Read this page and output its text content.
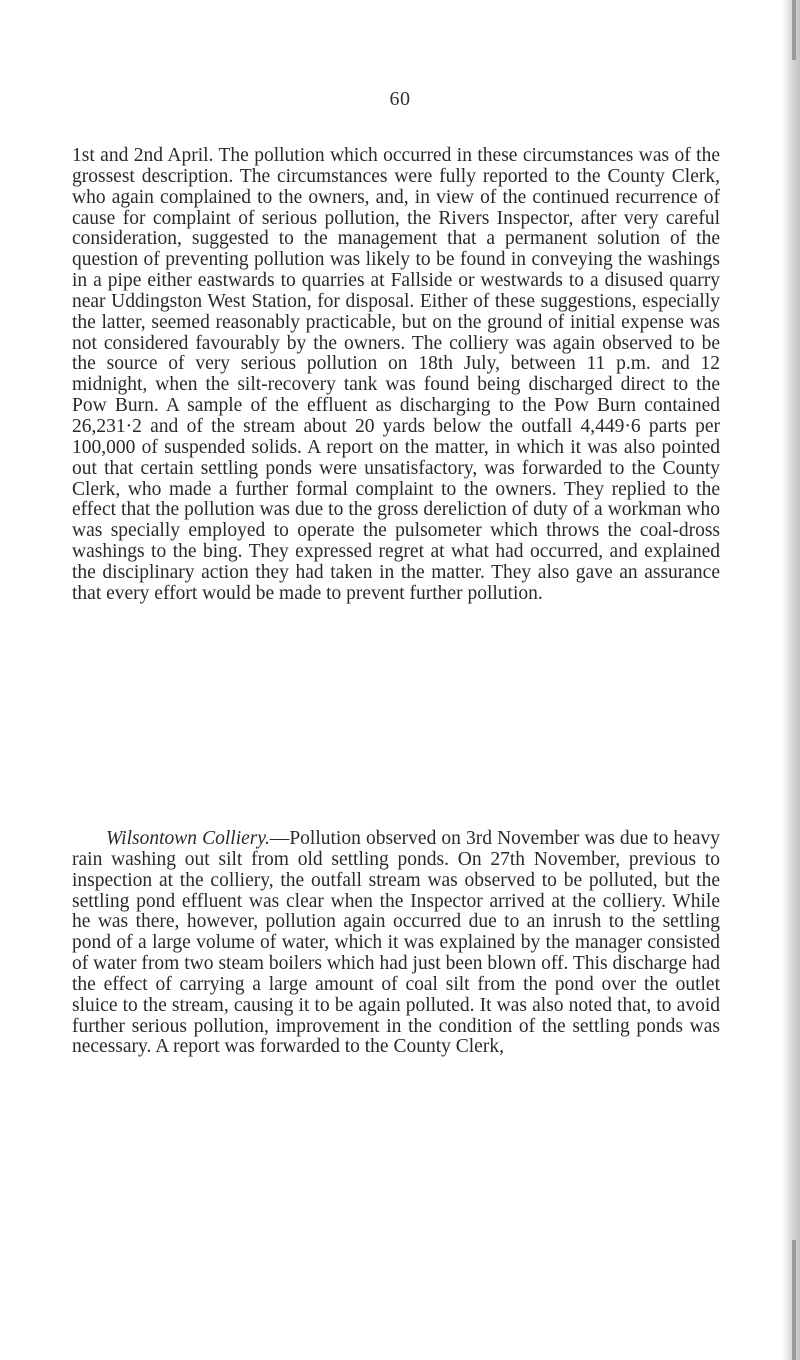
60

1st and 2nd April. The pollution which occurred in these circumstances was of the grossest description. The circumstances were fully reported to the County Clerk, who again complained to the owners, and, in view of the continued recurrence of cause for complaint of serious pollution, the Rivers Inspector, after very careful consideration, suggested to the management that a permanent solution of the question of preventing pollution was likely to be found in conveying the washings in a pipe either eastwards to quarries at Fallside or westwards to a disused quarry near Uddingston West Station, for disposal. Either of these suggestions, especially the latter, seemed reasonably practicable, but on the ground of initial expense was not considered favourably by the owners. The colliery was again observed to be the source of very serious pollution on 18th July, between 11 p.m. and 12 midnight, when the silt-recovery tank was found being discharged direct to the Pow Burn. A sample of the effluent as discharging to the Pow Burn contained 26,231·2 and of the stream about 20 yards below the outfall 4,449·6 parts per 100,000 of suspended solids. A report on the matter, in which it was also pointed out that certain settling ponds were unsatisfactory, was forwarded to the County Clerk, who made a further formal complaint to the owners. They replied to the effect that the pollution was due to the gross dereliction of duty of a workman who was specially employed to operate the pulsometer which throws the coal-dross washings to the bing. They expressed regret at what had occurred, and explained the disciplinary action they had taken in the matter. They also gave an assurance that every effort would be made to prevent further pollution.

Wilsontown Colliery.—Pollution observed on 3rd November was due to heavy rain washing out silt from old settling ponds. On 27th November, previous to inspection at the colliery, the outfall stream was observed to be polluted, but the settling pond effluent was clear when the Inspector arrived at the colliery. While he was there, however, pollution again occurred due to an inrush to the settling pond of a large volume of water, which it was explained by the manager consisted of water from two steam boilers which had just been blown off. This discharge had the effect of carrying a large amount of coal silt from the pond over the outlet sluice to the stream, causing it to be again polluted. It was also noted that, to avoid further serious pollution, improvement in the condition of the settling ponds was necessary. A report was forwarded to the County Clerk,
